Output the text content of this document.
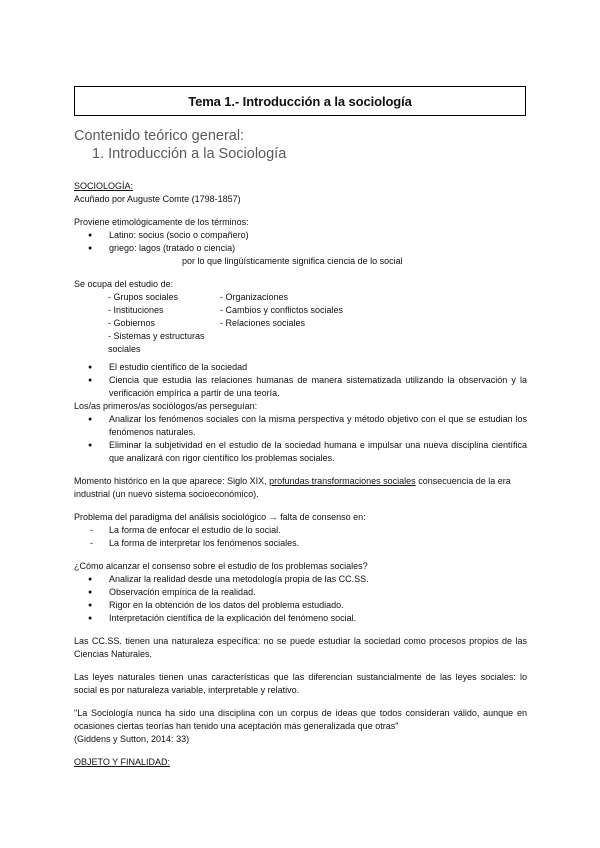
Tema 1.- Introducción a la sociología
Contenido teórico general:
1. Introducción a la Sociología

SOCIOLOGÍA:

Acuñado por Auguste Comte (1798-1857)

Proviene etimológicamente de los términos:

● Latino: socius (socio o compañero)
● griego: lagos (tratado o ciencia)

por lo que lingüísticamente significa ciencia de lo social

Se ocupa del estudio de:

- Grupos sociales	- Organizaciones
- Instituciones	- Cambios y conflictos sociales
- Gobiernos	- Relaciones sociales
- Sistemas y estructuras sociales
● El estudio científico de la sociedad
● Ciencia que estudia las relaciones humanas de manera sistematizada utilizando la observación y la verificación empírica a partir de una teoría.

Los/as primeros/as sociólogos/as perseguían:

● Analizar los fenómenos sociales con la misma perspectiva y método objetivo con el que se estudian los fenómenos naturales.
● Eliminar la subjetividad en el estudio de la sociedad humana e impulsar una nueva disciplina científica que analizará con rigor científico los problemas sociales.

Momento histórico en la que aparece: Siglo XIX, profundas transformaciones sociales consecuencia de la era industrial (un nuevo sistema socioeconómico).

Problema del paradigma del análisis sociológico → falta de consenso en:

- La forma de enfocar el estudio de lo social.
- La forma de interpretar los fenómenos sociales.

¿Cómo alcanzar el consenso sobre el estudio de los problemas sociales?

● Analizar la realidad desde una metodología propia de las CC.SS.
● Observación empírica de la realidad.
● Rigor en la obtención de los datos del problema estudiado.
● Interpretación científica de la explicación del fenómeno social.

Las CC.SS. tienen una naturaleza específica: no se puede estudiar la sociedad como procesos propios de las Ciencias Naturales.

Las leyes naturales tienen unas características que las diferencian sustancialmente de las leyes sociales: lo social es por naturaleza variable, interpretable y relativo.

"La Sociología nunca ha sido una disciplina con un corpus de ideas que todos consideran válido, aunque en ocasiones ciertas teorías han tenido una aceptación más generalizada que otras"

(Giddens y Sutton, 2014: 33)

OBJETO Y FINALIDAD:
